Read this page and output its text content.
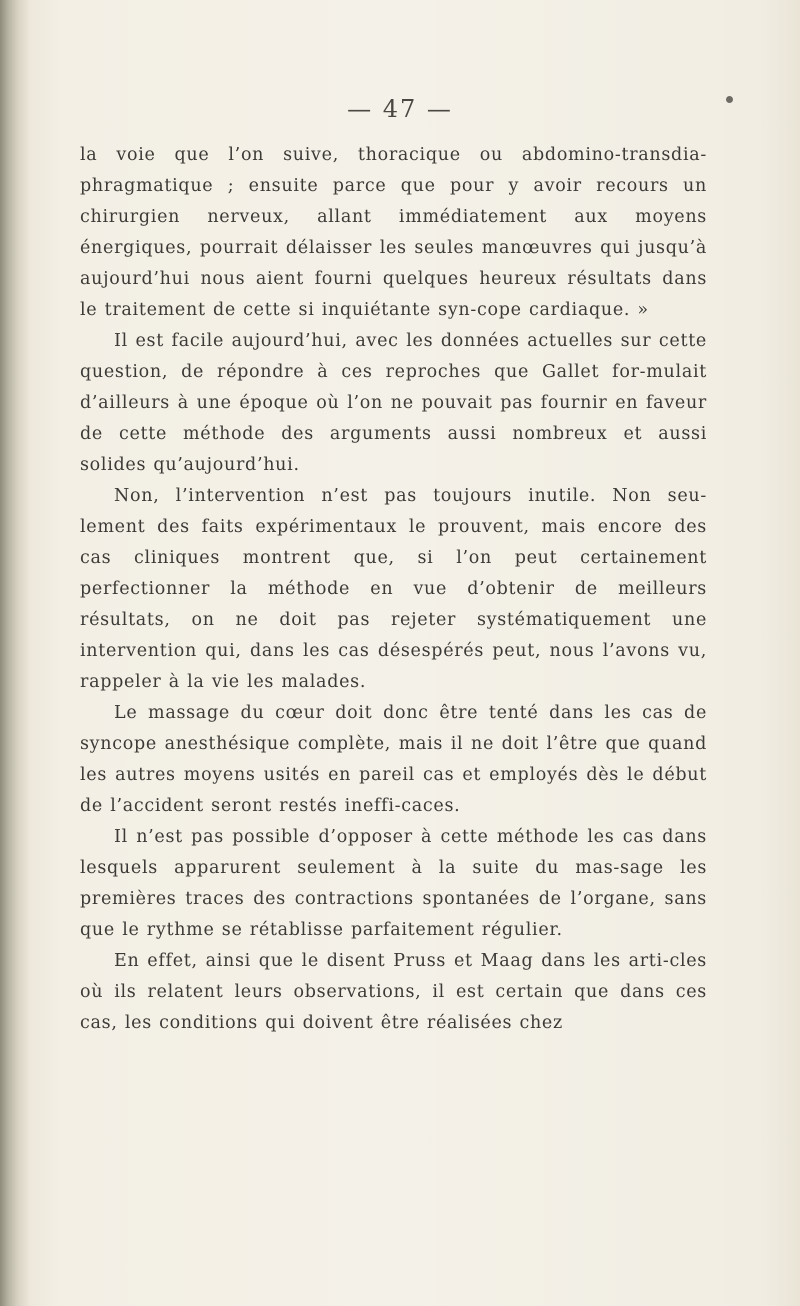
— 47 —

la voie que l’on suive, thoracique ou abdomino-transdia-phragmatique ; ensuite parce que pour y avoir recours un chirurgien nerveux, allant immédiatement aux moyens énergiques, pourrait délaisser les seules manœuvres qui jusqu’à aujourd’hui nous aient fourni quelques heureux résultats dans le traitement de cette si inquiétante syn-cope cardiaque. »

Il est facile aujourd’hui, avec les données actuelles sur cette question, de répondre à ces reproches que Gallet for-mulait d’ailleurs à une époque où l’on ne pouvait pas fournir en faveur de cette méthode des arguments aussi nombreux et aussi solides qu’aujourd’hui.

Non, l’intervention n’est pas toujours inutile. Non seu-lement des faits expérimentaux le prouvent, mais encore des cas cliniques montrent que, si l’on peut certainement perfectionner la méthode en vue d’obtenir de meilleurs résultats, on ne doit pas rejeter systématiquement une intervention qui, dans les cas désespérés peut, nous l’avons vu, rappeler à la vie les malades.

Le massage du cœur doit donc être tenté dans les cas de syncope anesthésique complète, mais il ne doit l’être que quand les autres moyens usités en pareil cas et employés dès le début de l’accident seront restés ineffi-caces.

Il n’est pas possible d’opposer à cette méthode les cas dans lesquels apparurent seulement à la suite du mas-sage les premières traces des contractions spontanées de l’organe, sans que le rythme se rétablisse parfaitement régulier.

En effet, ainsi que le disent Pruss et Maag dans les arti-cles où ils relatent leurs observations, il est certain que dans ces cas, les conditions qui doivent être réalisées chez
